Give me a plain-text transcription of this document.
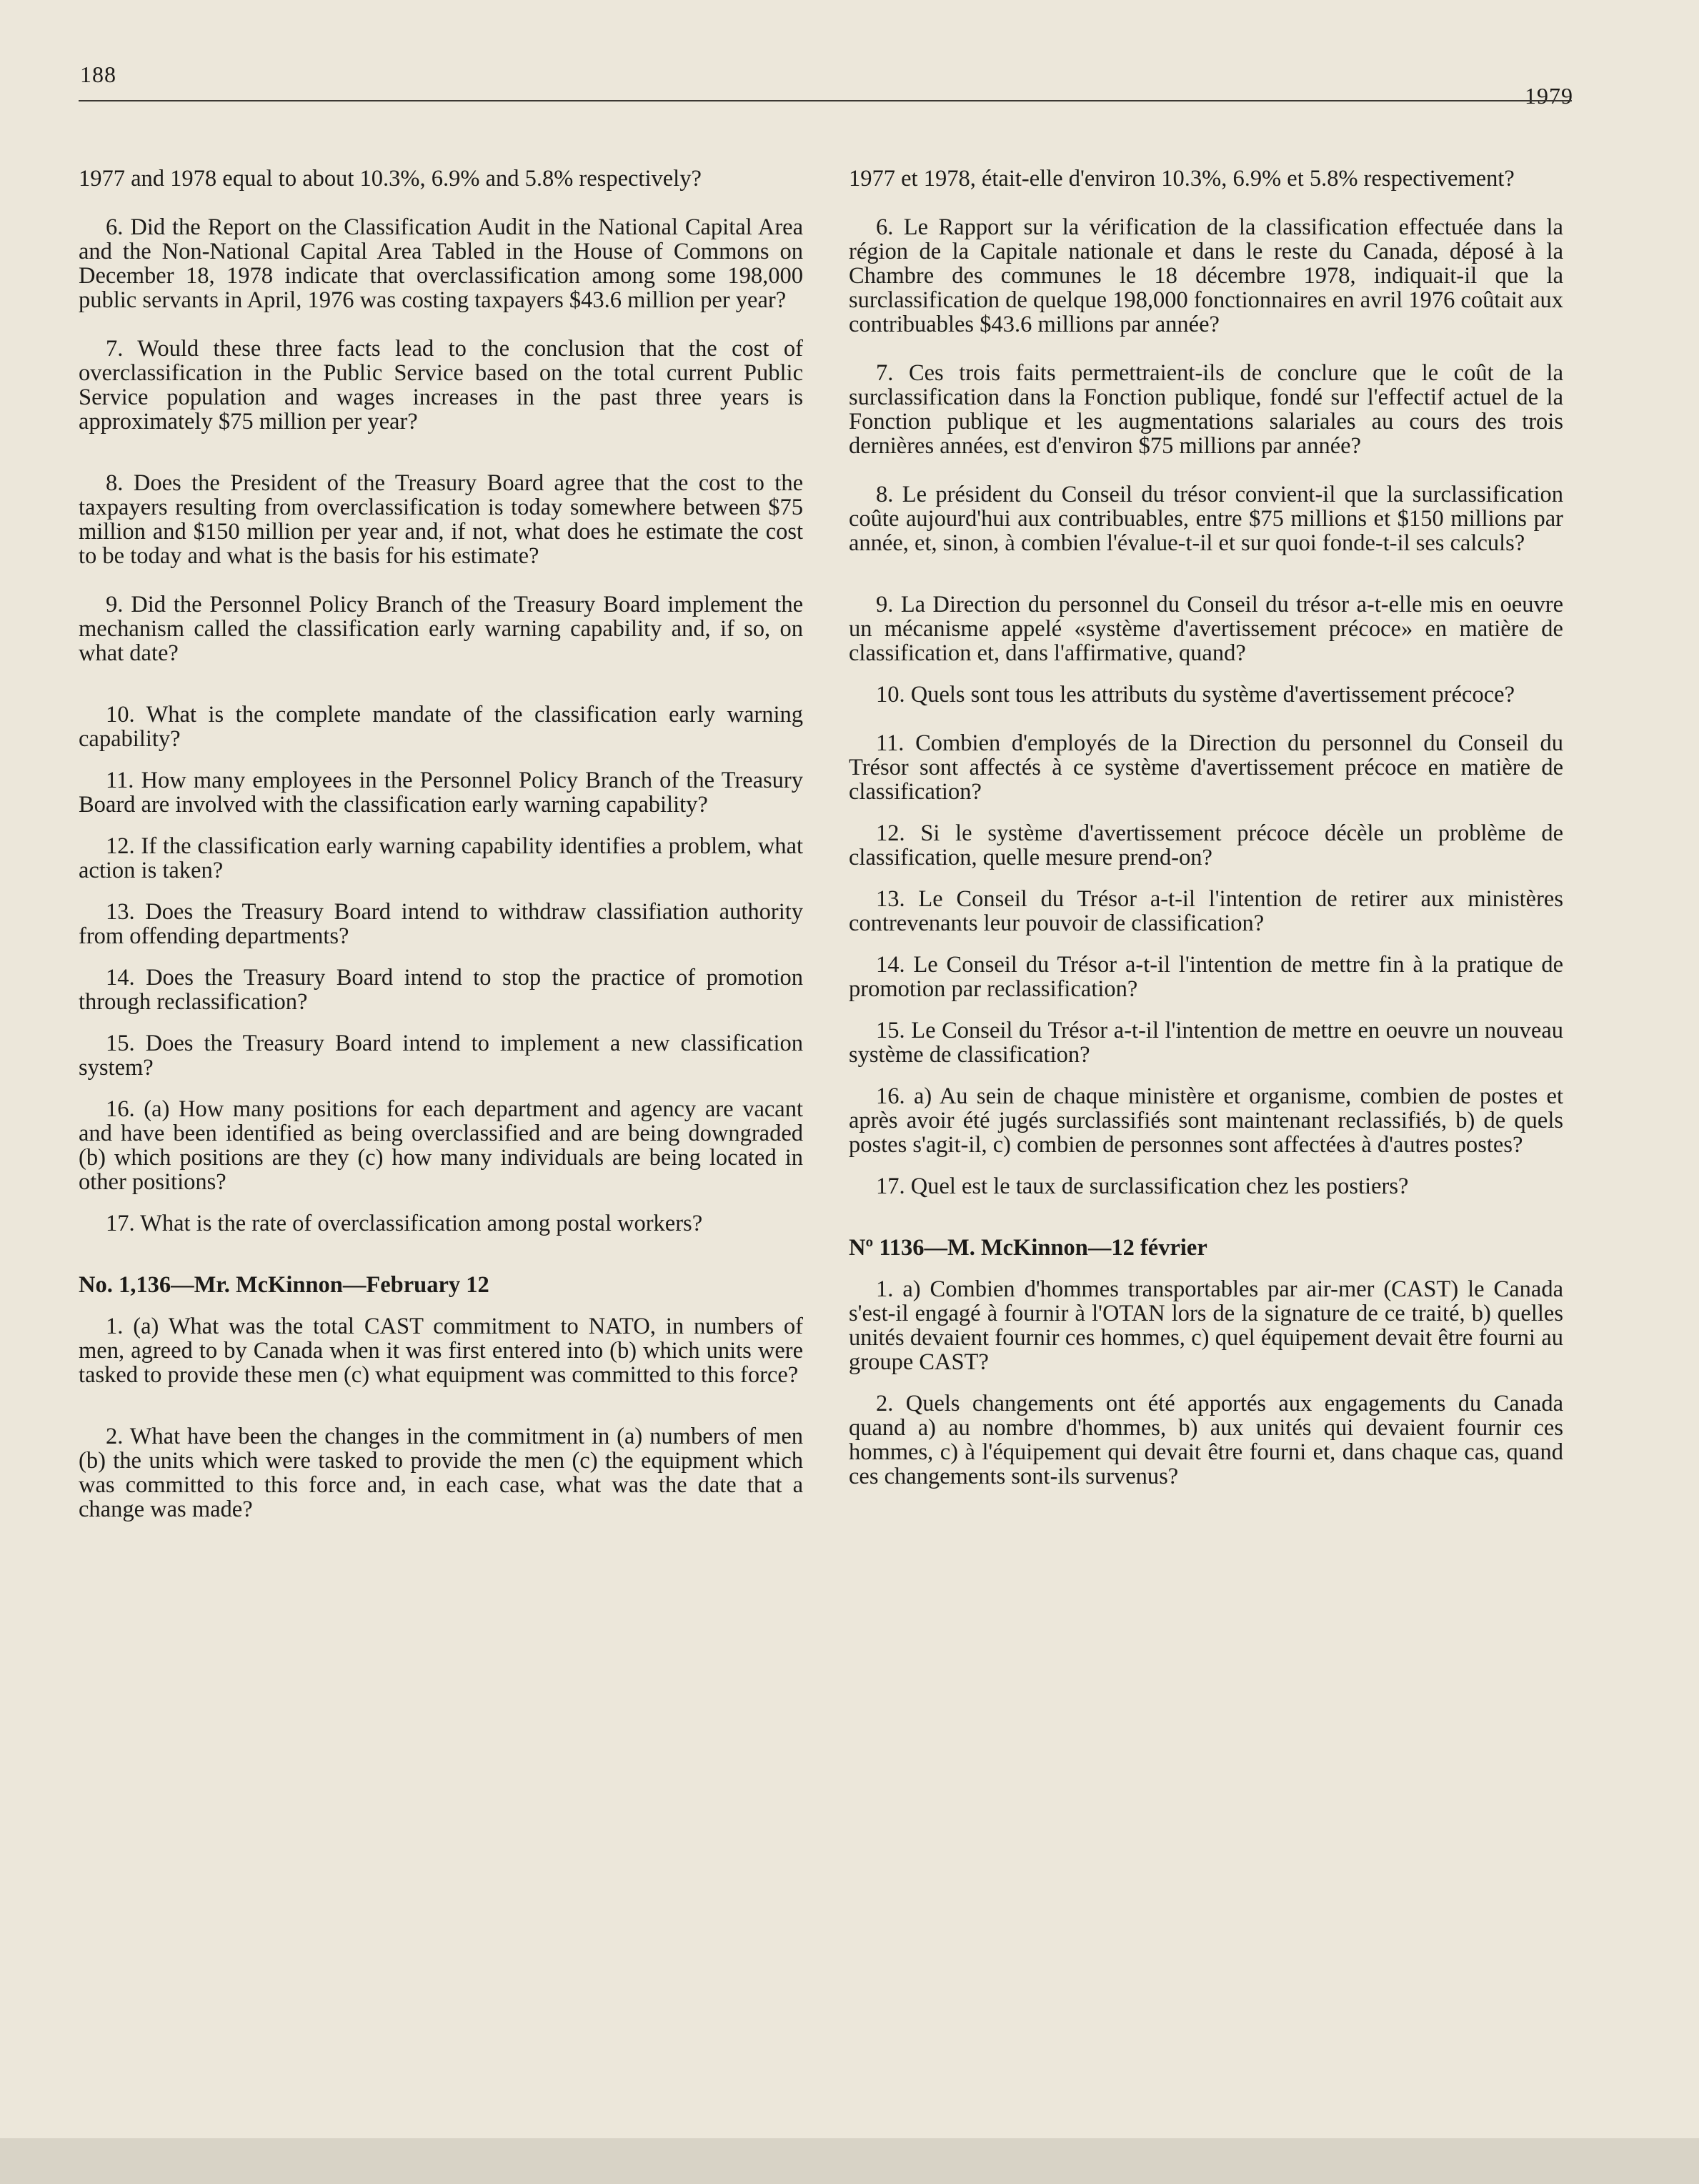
188
1979

1977 and 1978 equal to about 10.3%, 6.9% and 5.8% respectively?

6. Did the Report on the Classification Audit in the National Capital Area and the Non-National Capital Area Tabled in the House of Commons on December 18, 1978 indicate that overclassification among some 198,000 public servants in April, 1976 was costing taxpayers $43.6 million per year?

7. Would these three facts lead to the conclusion that the cost of overclassification in the Public Service based on the total current Public Service population and wages increases in the past three years is approximately $75 million per year?

8. Does the President of the Treasury Board agree that the cost to the taxpayers resulting from overclassification is today somewhere between $75 million and $150 million per year and, if not, what does he estimate the cost to be today and what is the basis for his estimate?

9. Did the Personnel Policy Branch of the Treasury Board implement the mechanism called the classification early warning capability and, if so, on what date?

10. What is the complete mandate of the classification early warning capability?

11. How many employees in the Personnel Policy Branch of the Treasury Board are involved with the classification early warning capability?

12. If the classification early warning capability identifies a problem, what action is taken?

13. Does the Treasury Board intend to withdraw classifiation authority from offending departments?

14. Does the Treasury Board intend to stop the practice of promotion through reclassification?

15. Does the Treasury Board intend to implement a new classification system?

16. (a) How many positions for each department and agency are vacant and have been identified as being overclassified and are being downgraded (b) which positions are they (c) how many individuals are being located in other positions?

17. What is the rate of overclassification among postal workers?

No. 1,136—Mr. McKinnon—February 12

1. (a) What was the total CAST commitment to NATO, in numbers of men, agreed to by Canada when it was first entered into (b) which units were tasked to provide these men (c) what equipment was committed to this force?

2. What have been the changes in the commitment in (a) numbers of men (b) the units which were tasked to provide the men (c) the equipment which was committed to this force and, in each case, what was the date that a change was made?

1977 et 1978, était-elle d'environ 10.3%, 6.9% et 5.8% respectivement?

6. Le Rapport sur la vérification de la classification effectuée dans la région de la Capitale nationale et dans le reste du Canada, déposé à la Chambre des communes le 18 décembre 1978, indiquait-il que la surclassification de quelque 198,000 fonctionnaires en avril 1976 coûtait aux contribuables $43.6 millions par année?

7. Ces trois faits permettraient-ils de conclure que le coût de la surclassification dans la Fonction publique, fondé sur l'effectif actuel de la Fonction publique et les augmentations salariales au cours des trois dernières années, est d'environ $75 millions par année?

8. Le président du Conseil du trésor convient-il que la surclassification coûte aujourd'hui aux contribuables, entre $75 millions et $150 millions par année, et, sinon, à combien l'évalue-t-il et sur quoi fonde-t-il ses calculs?

9. La Direction du personnel du Conseil du trésor a-t-elle mis en oeuvre un mécanisme appelé «système d'avertissement précoce» en matière de classification et, dans l'affirmative, quand?

10. Quels sont tous les attributs du système d'avertissement précoce?

11. Combien d'employés de la Direction du personnel du Conseil du Trésor sont affectés à ce système d'avertissement précoce en matière de classification?

12. Si le système d'avertissement précoce décèle un problème de classification, quelle mesure prend-on?

13. Le Conseil du Trésor a-t-il l'intention de retirer aux ministères contrevenants leur pouvoir de classification?

14. Le Conseil du Trésor a-t-il l'intention de mettre fin à la pratique de promotion par reclassification?

15. Le Conseil du Trésor a-t-il l'intention de mettre en oeuvre un nouveau système de classification?

16. a) Au sein de chaque ministère et organisme, combien de postes et après avoir été jugés surclassifiés sont maintenant reclassifiés, b) de quels postes s'agit-il, c) combien de personnes sont affectées à d'autres postes?

17. Quel est le taux de surclassification chez les postiers?

Nº 1136—M. McKinnon—12 février

1. a) Combien d'hommes transportables par air-mer (CAST) le Canada s'est-il engagé à fournir à l'OTAN lors de la signature de ce traité, b) quelles unités devaient fournir ces hommes, c) quel équipement devait être fourni au groupe CAST?

2. Quels changements ont été apportés aux engagements du Canada quand a) au nombre d'hommes, b) aux unités qui devaient fournir ces hommes, c) à l'équipement qui devait être fourni et, dans chaque cas, quand ces changements sont-ils survenus?
